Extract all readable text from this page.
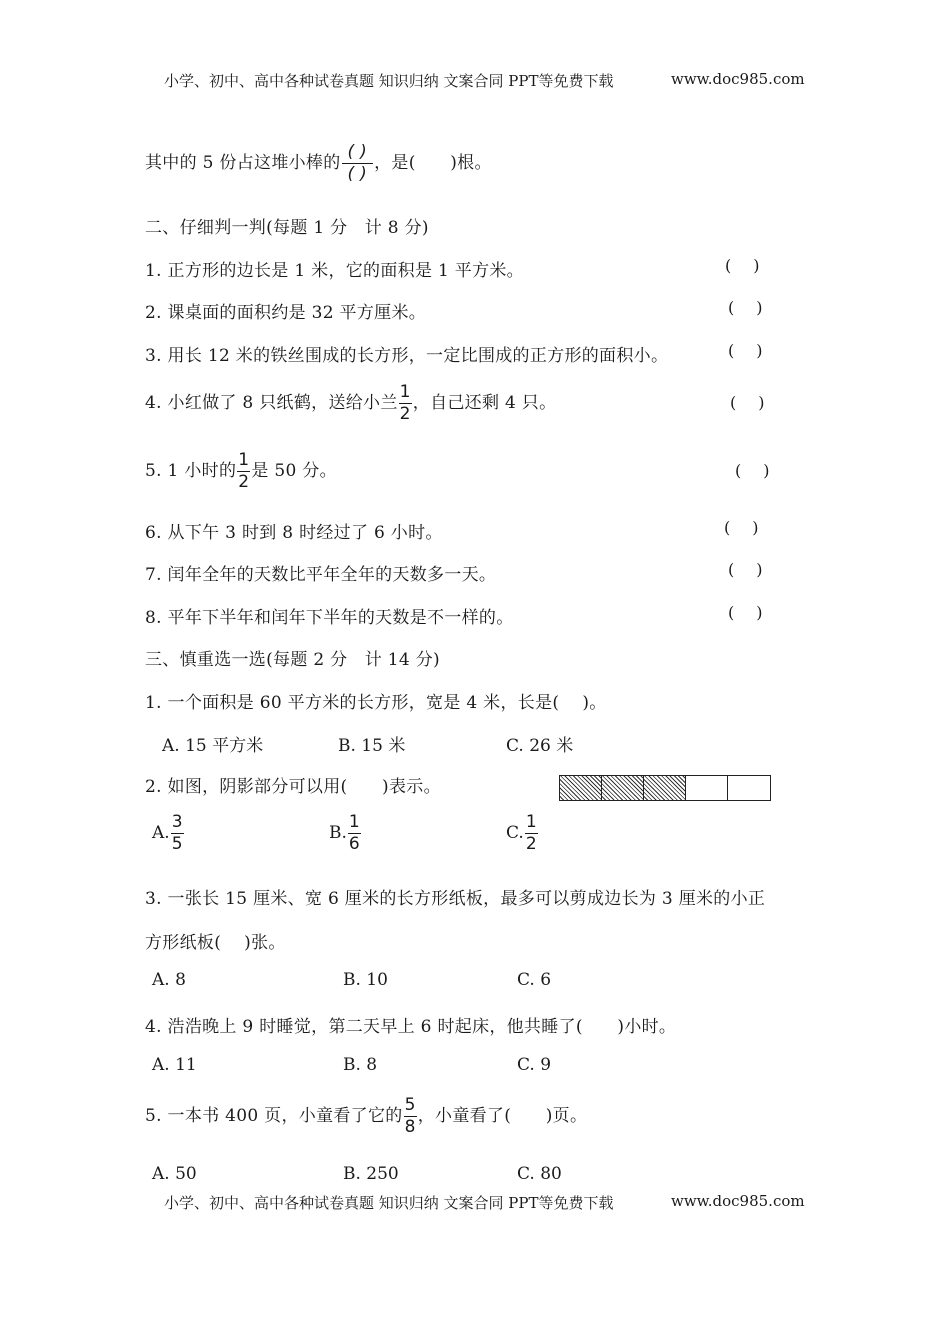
小学、初中、高中各种试卷真题 知识归纳 文案合同 PPT等免费下载	www.doc985.com
其中的 5 份占这堆小棒的 $\frac{( )}{( )}$ ，是(　　)根。
二、仔细判一判(每题 1 分　计 8 分)
1. 正方形的边长是 1 米，它的面积是 1 平方米。	()
2. 课桌面的面积约是 32 平方厘米。	()
3. 用长 12 米的铁丝围成的长方形，一定比围成的正方形的面积小。	()
4. 小红做了 8 只纸鹤，送给小兰 $\frac{1}{2}$ ，自己还剩 4 只。	()
5. 1 小时的 $\frac{1}{2}$ 是 50 分。	()
6. 从下午 3 时到 8 时经过了 6 小时。	()
7. 闰年全年的天数比平年全年的天数多一天。	()
8. 平年下半年和闰年下半年的天数是不一样的。	()
三、慎重选一选(每题 2 分　计 14 分)
1. 一个面积是 60 平方米的长方形，宽是 4 米，长是(　 )。
A. 15 平方米	B. 15 米	C. 26 米
2. 如图，阴影部分可以用(　　)表示。
A. $\frac{3}{5}$	B. $\frac{1}{6}$	C. $\frac{1}{2}$
3. 一张长 15 厘米、宽 6 厘米的长方形纸板，最多可以剪成边长为 3 厘米的小正
方形纸板(　 )张。
A. 8	B. 10	C. 6
4. 浩浩晚上 9 时睡觉，第二天早上 6 时起床，他共睡了(　　)小时。
A. 11	B. 8	C. 9
5. 一本书 400 页，小童看了它的 $\frac{5}{8}$ ，小童看了(　　)页。
A. 50	B. 250	C. 80
小学、初中、高中各种试卷真题 知识归纳 文案合同 PPT等免费下载	www.doc985.com
